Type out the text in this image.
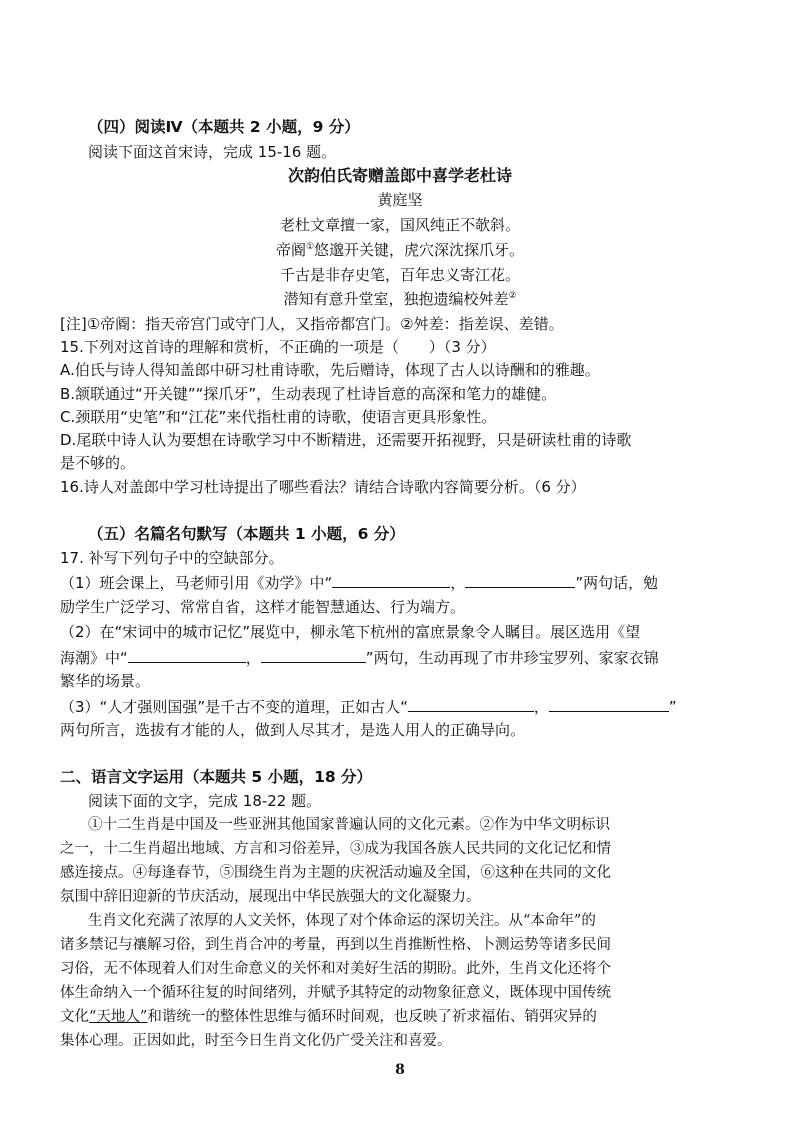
（四）阅读Ⅳ（本题共 2 小题，9 分）
阅读下面这首宋诗，完成 15-16 题。
次韵伯氏寄赠盖郎中喜学老杜诗
黄庭坚
老杜文章擅一家，国风纯正不欹斜。
帝阍①悠邈开关键，虎穴深沈探爪牙。
千古是非存史笔，百年忠义寄江花。
潜知有意升堂室，独抱遗编校舛差②
[注]①帝阍：指天帝宫门或守门人，又指帝都宫门。②舛差：指差误、差错。
15.下列对这首诗的理解和赏析，不正确的一项是（　　）（3 分）
A.伯氏与诗人得知盖郎中研习杜甫诗歌，先后赠诗，体现了古人以诗酬和的雅趣。
B.颔联通过“开关键”“探爪牙”，生动表现了杜诗旨意的高深和笔力的雄健。
C.颈联用“史笔”和“江花”来代指杜甫的诗歌，使语言更具形象性。
D.尾联中诗人认为要想在诗歌学习中不断精进，还需要开拓视野，只是研读杜甫的诗歌
是不够的。
16.诗人对盖郎中学习杜诗提出了哪些看法？请结合诗歌内容简要分析。（6 分）
（五）名篇名句默写（本题共 1 小题，6 分）
17. 补写下列句子中的空缺部分。
（1）班会课上，马老师引用《劝学》中“	，	”两句话，勉
励学生广泛学习、常常自省，这样才能智慧通达、行为端方。
（2）在“宋词中的城市记忆”展览中，柳永笔下杭州的富庶景象令人瞩目。展区选用《望
海潮》中“	，	”两句，生动再现了市井珍宝罗列、家家衣锦
繁华的场景。
（3）“人才强则国强”是千古不变的道理，正如古人“	，	”
两句所言，选拔有才能的人，做到人尽其才，是选人用人的正确导向。
二、语言文字运用（本题共 5 小题，18 分）
阅读下面的文字，完成 18-22 题。
①十二生肖是中国及一些亚洲其他国家普遍认同的文化元素。②作为中华文明标识
之一，十二生肖超出地域、方言和习俗差异，③成为我国各族人民共同的文化记忆和情
感连接点。④每逢春节，⑤围绕生肖为主题的庆祝活动遍及全国，⑥这种在共同的文化
氛围中辞旧迎新的节庆活动，展现出中华民族强大的文化凝聚力。
生肖文化充满了浓厚的人文关怀，体现了对个体命运的深切关注。从“本命年”的
诸多禁记与禳解习俗，到生肖合冲的考量，再到以生肖推断性格、卜测运势等诸多民间
习俗，无不体现着人们对生命意义的关怀和对美好生活的期盼。此外，生肖文化还将个
体生命纳入一个循环往复的时间绪列，并赋予其特定的动物象征意义，既体现中国传统
文化“天地人”和谐统一的整体性思维与循环时间观，也反映了祈求福佑、销弭灾异的
集体心理。正因如此，时至今日生肖文化仍广受关注和喜爱。
8
